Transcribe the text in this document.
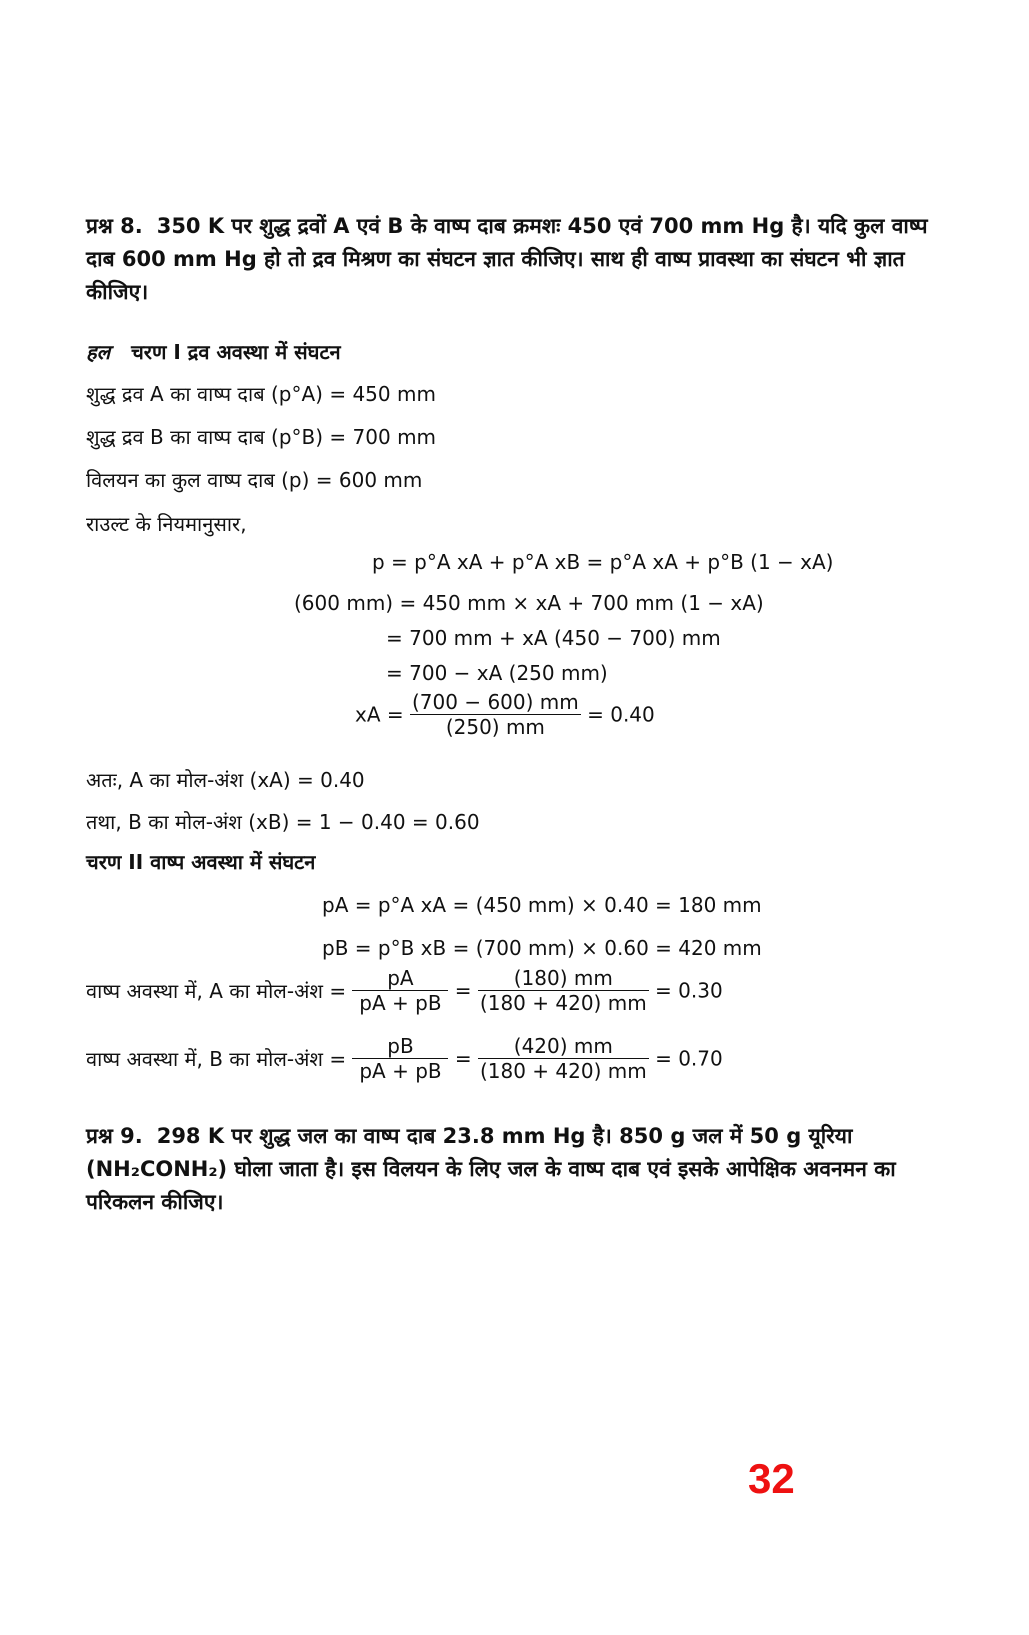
प्रश्न 8. 350 K पर शुद्ध द्रवों A एवं B के वाष्प दाब क्रमशः 450 एवं 700 mm Hg है। यदि कुल वाष्प दाब 600 mm Hg हो तो द्रव मिश्रण का संघटन ज्ञात कीजिए। साथ ही वाष्प प्रावस्था का संघटन भी ज्ञात कीजिए।
हल चरण I द्रव अवस्था में संघटन
शुद्ध द्रव A का वाष्प दाब (p°A) = 450 mm
शुद्ध द्रव B का वाष्प दाब (p°B) = 700 mm
विलयन का कुल वाष्प दाब (p) = 600 mm
राउल्ट के नियमानुसार,
p = p°A xA + p°A xB = p°A xA + p°B (1 − xA)
(600 mm) = 450 mm × xA + 700 mm (1 − xA)
= 700 mm + xA (450 − 700) mm
= 700 − xA (250 mm)
xA = $\frac{(700 - 600) mm}{(250) mm} = 0.40$
अतः, A का मोल-अंश (xA) = 0.40
तथा, B का मोल-अंश (xB) = 1 − 0.40 = 0.60
चरण II वाष्प अवस्था में संघटन
pA = p°A xA = (450 mm) × 0.40 = 180 mm
pB = p°B xB = (700 mm) × 0.60 = 420 mm
वाष्प अवस्था में, A का मोल-अंश = $\frac{pA}{pA + pB} = \frac{(180) mm}{(180 + 420) mm} = 0.30$
वाष्प अवस्था में, B का मोल-अंश = $\frac{pB}{pA + pB} = \frac{(420) mm}{(180 + 420) mm} = 0.70$
प्रश्न 9. 298 K पर शुद्ध जल का वाष्प दाब 23.8 mm Hg है। 850 g जल में 50 g यूरिया (NH₂CONH₂) घोला जाता है। इस विलयन के लिए जल के वाष्प दाब एवं इसके आपेक्षिक अवनमन का परिकलन कीजिए।
32
